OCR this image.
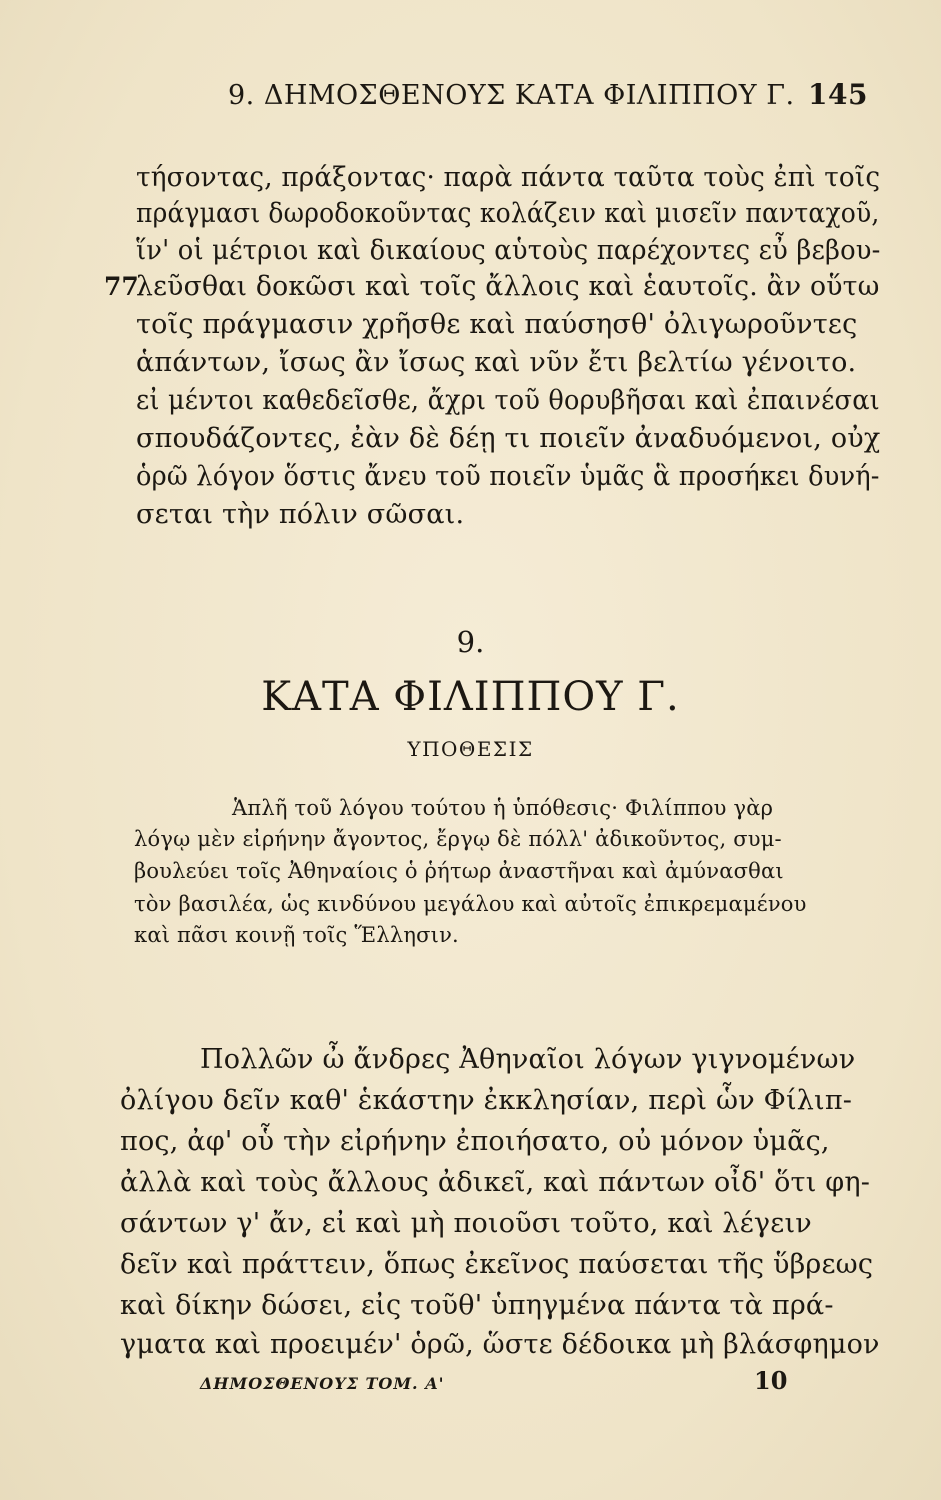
9. ΔΗΜΟΣΘΕΝΟΥΣ ΚΑΤΑ ΦΙΛΙΠΠΟΥ Γ. 145
77
τήσοντας, πράξοντας· παρὰ πάντα ταῦτα τοὺς ἐπὶ τοῖς
πράγμασι δωροδοκοῦντας κολάζειν καὶ μισεῖν πανταχοῦ,
ἵν' οἱ μέτριοι καὶ δικαίους αὑτοὺς παρέχοντες εὖ βεβου-
λεῦσθαι δοκῶσι καὶ τοῖς ἄλλοις καὶ ἑαυτοῖς. ἂν οὕτω
τοῖς πράγμασιν χρῆσθε καὶ παύσησθ' ὀλιγωροῦντες
ἁπάντων, ἴσως ἂν ἴσως καὶ νῦν ἔτι βελτίω γένοιτο.
εἰ μέντοι καθεδεῖσθε, ἄχρι τοῦ θορυβῆσαι καὶ ἐπαινέσαι
σπουδάζοντες, ἐὰν δὲ δέῃ τι ποιεῖν ἀναδυόμενοι, οὐχ
ὁρῶ λόγον ὅστις ἄνευ τοῦ ποιεῖν ὑμᾶς ἃ προσήκει δυνή-
σεται τὴν πόλιν σῶσαι.
9.
ΚΑΤΑ ΦΙΛΙΠΠΟΥ Γ.
ΥΠΟΘΕΣΙΣ
Ἁπλῆ τοῦ λόγου τούτου ἡ ὑπόθεσις· Φιλίππου γὰρ
λόγῳ μὲν εἰρήνην ἄγοντος, ἔργῳ δὲ πόλλ' ἀδικοῦντος, συμ-
βουλεύει τοῖς Ἀθηναίοις ὁ ῥήτωρ ἀναστῆναι καὶ ἀμύνασθαι
τὸν βασιλέα, ὡς κινδύνου μεγάλου καὶ αὐτοῖς ἐπικρεμαμένου
καὶ πᾶσι κοινῇ τοῖς Ἕλλησιν.
Πολλῶν ὦ ἄνδρες Ἀθηναῖοι λόγων γιγνομένων
ὀλίγου δεῖν καθ' ἑκάστην ἐκκλησίαν, περὶ ὧν Φίλιπ-
πος, ἀφ' οὗ τὴν εἰρήνην ἐποιήσατο, οὐ μόνον ὑμᾶς,
ἀλλὰ καὶ τοὺς ἄλλους ἀδικεῖ, καὶ πάντων οἶδ' ὅτι φη-
σάντων γ' ἄν, εἰ καὶ μὴ ποιοῦσι τοῦτο, καὶ λέγειν
δεῖν καὶ πράττειν, ὅπως ἐκεῖνος παύσεται τῆς ὕβρεως
καὶ δίκην δώσει, εἰς τοῦθ' ὑπηγμένα πάντα τὰ πρά-
γματα καὶ προειμέν' ὁρῶ, ὥστε δέδοικα μὴ βλάσφημον
ΔΗΜΟΣΘΕΝΟΥΣ ΤΟΜ. Α'	10
